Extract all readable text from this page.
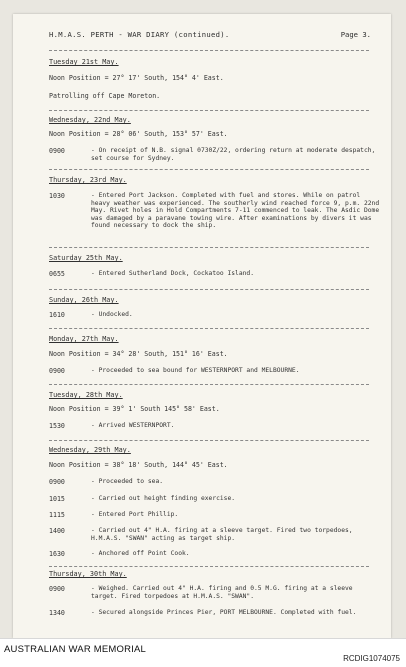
H.M.A.S. PERTH - WAR DIARY (continued).	Page 3.
Tuesday 21st May.
Noon Position = 27° 17' South, 154° 4' East.
Patrolling off Cape Moreton.
Wednesday, 22nd May.
Noon Position = 28° 06' South, 153° 57' East.
0900	- On receipt of N.B. signal 0730Z/22, ordering return at moderate despatch, set course for Sydney.
Thursday, 23rd May.
1030	- Entered Port Jackson. Completed with fuel and stores. While on patrol heavy weather was experienced. The southerly wind reached force 9, p.m. 22nd May. Rivet holes in Hold Compartments 7-11 commenced to leak. The Asdic Dome was damaged by a paravane towing wire. After examinations by divers it was found necessary to dock the ship.
Saturday 25th May.
0655	- Entered Sutherland Dock, Cockatoo Island.
Sunday, 26th May.
1610	- Undocked.
Monday, 27th May.
Noon Position = 34° 28' South, 151° 16' East.
0900	- Proceeded to sea bound for WESTERNPORT and MELBOURNE.
Tuesday, 28th May.
Noon Position = 39° 1' South 145° 58' East.
1530	- Arrived WESTERNPORT.
Wednesday, 29th May.
Noon Position = 38° 18' South, 144° 45' East.
0900	- Proceeded to sea.
1015	- Carried out height finding exercise.
1115	- Entered Port Phillip.
1400	- Carried out 4" H.A. firing at a sleeve target. Fired two torpedoes, H.M.A.S. "SWAN" acting as target ship.
1630	- Anchored off Point Cook.
Thursday, 30th May.
0900	- Weighed. Carried out 4" H.A. firing and 0.5 M.G. firing at a sleeve target. Fired torpedoes at H.M.A.S. "SWAN".
1340	- Secured alongside Princes Pier, PORT MELBOURNE. Completed with fuel.
AUSTRALIAN WAR MEMORIAL
RCDIG1074075
